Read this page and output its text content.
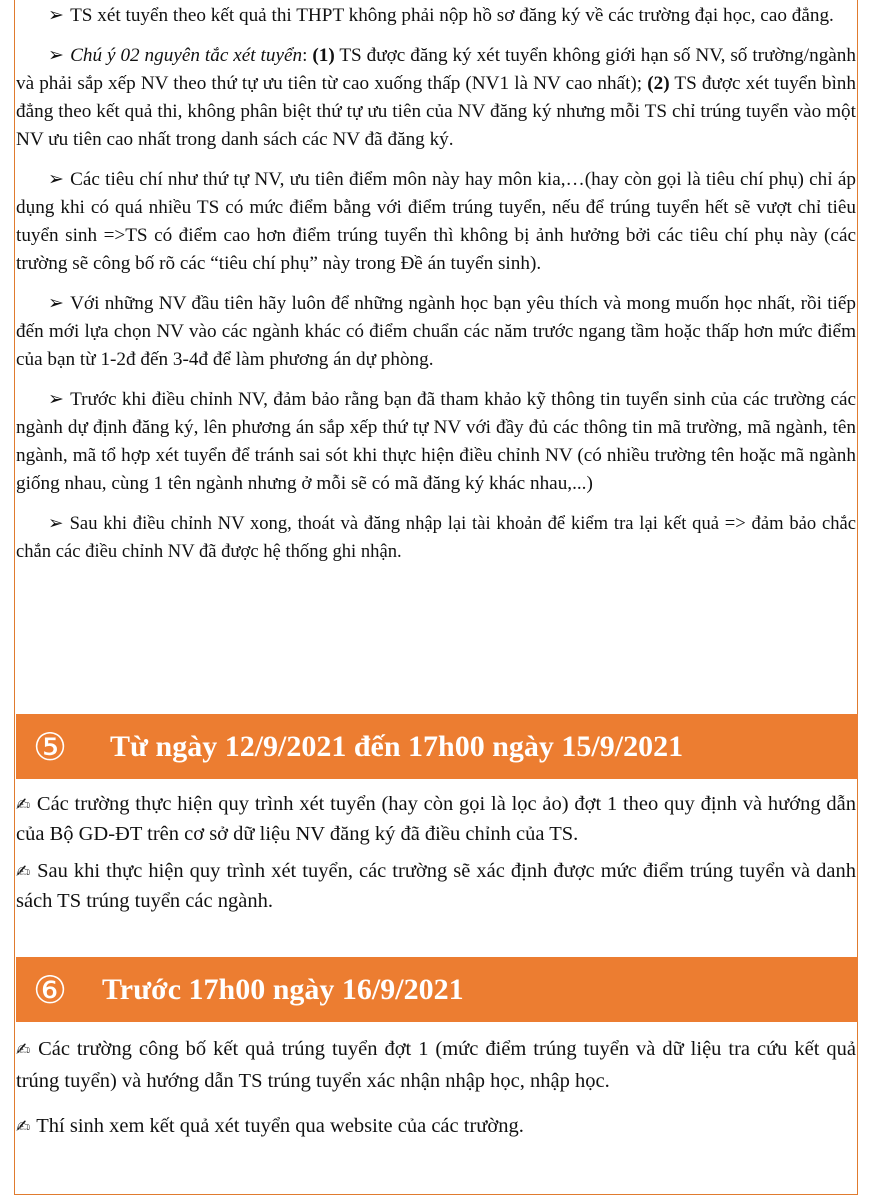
➢ TS xét tuyển theo kết quả thi THPT không phải nộp hồ sơ đăng ký về các trường đại học, cao đẳng.

➢ Chú ý 02 nguyên tắc xét tuyển: (1) TS được đăng ký xét tuyển không giới hạn số NV, số trường/ngành và phải sắp xếp NV theo thứ tự ưu tiên từ cao xuống thấp (NV1 là NV cao nhất); (2) TS được xét tuyển bình đẳng theo kết quả thi, không phân biệt thứ tự ưu tiên của NV đăng ký nhưng mỗi TS chỉ trúng tuyển vào một NV ưu tiên cao nhất trong danh sách các NV đã đăng ký.

➢ Các tiêu chí như thứ tự NV, ưu tiên điểm môn này hay môn kia,…(hay còn gọi là tiêu chí phụ) chỉ áp dụng khi có quá nhiều TS có mức điểm bằng với điểm trúng tuyển, nếu để trúng tuyển hết sẽ vượt chỉ tiêu tuyển sinh =>TS có điểm cao hơn điểm trúng tuyển thì không bị ảnh hưởng bởi các tiêu chí phụ này (các trường sẽ công bố rõ các “tiêu chí phụ” này trong Đề án tuyển sinh).

➢ Với những NV đầu tiên hãy luôn để những ngành học bạn yêu thích và mong muốn học nhất, rồi tiếp đến mới lựa chọn NV vào các ngành khác có điểm chuẩn các năm trước ngang tầm hoặc thấp hơn mức điểm của bạn từ 1-2đ đến 3-4đ để làm phương án dự phòng.

➢ Trước khi điều chỉnh NV, đảm bảo rằng bạn đã tham khảo kỹ thông tin tuyển sinh của các trường các ngành dự định đăng ký, lên phương án sắp xếp thứ tự NV với đầy đủ các thông tin mã trường, mã ngành, tên ngành, mã tổ hợp xét tuyển để tránh sai sót khi thực hiện điều chỉnh NV (có nhiều trường tên hoặc mã ngành giống nhau, cùng 1 tên ngành nhưng ở mỗi sẽ có mã đăng ký khác nhau,...)

➢ Sau khi điều chỉnh NV xong, thoát và đăng nhập lại tài khoản để kiểm tra lại kết quả => đảm bảo chắc chắn các điều chỉnh NV đã được hệ thống ghi nhận.

⑤ Từ ngày 12/9/2021 đến 17h00 ngày 15/9/2021

✍ Các trường thực hiện quy trình xét tuyển (hay còn gọi là lọc ảo) đợt 1 theo quy định và hướng dẫn của Bộ GD-ĐT trên cơ sở dữ liệu NV đăng ký đã điều chỉnh của TS.

✍ Sau khi thực hiện quy trình xét tuyển, các trường sẽ xác định được mức điểm trúng tuyển và danh sách TS trúng tuyển các ngành.

⑥ Trước 17h00 ngày 16/9/2021

✍ Các trường công bố kết quả trúng tuyển đợt 1 (mức điểm trúng tuyển và dữ liệu tra cứu kết quả trúng tuyển) và hướng dẫn TS trúng tuyển xác nhận nhập học, nhập học.

✍ Thí sinh xem kết quả xét tuyển qua website của các trường.
